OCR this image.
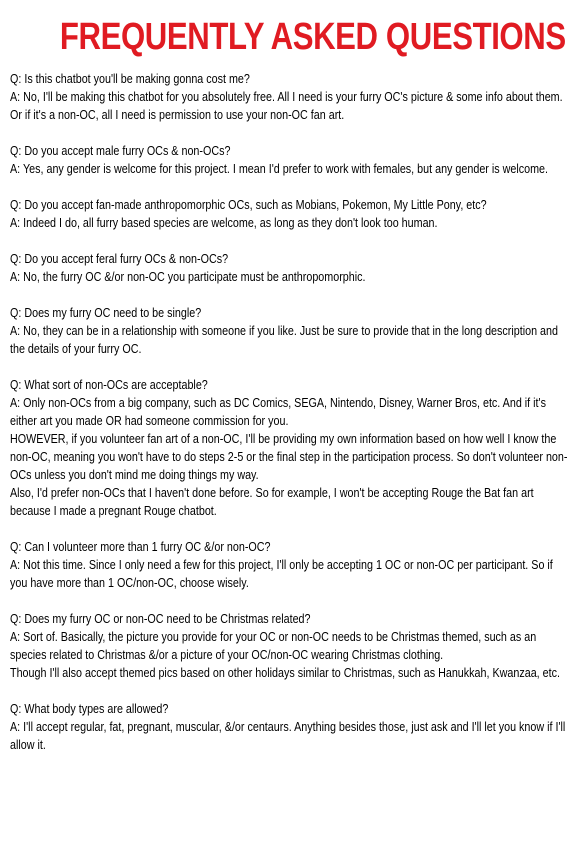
FREQUENTLY ASKED QUESTIONS
Q: Is this chatbot you'll be making gonna cost me?
A: No, I'll be making this chatbot for you absolutely free. All I need is your furry OC's picture & some info about them. Or if it's a non-OC, all I need is permission to use your non-OC fan art.
Q: Do you accept male furry OCs & non-OCs?
A: Yes, any gender is welcome for this project. I mean I'd prefer to work with females, but any gender is welcome.
Q: Do you accept fan-made anthropomorphic OCs, such as Mobians, Pokemon, My Little Pony, etc?
A: Indeed I do, all furry based species are welcome, as long as they don't look too human.
Q: Do you accept feral furry OCs & non-OCs?
A: No, the furry OC &/or non-OC you participate must be anthropomorphic.
Q: Does my furry OC need to be single?
A: No, they can be in a relationship with someone if you like. Just be sure to provide that in the long description and the details of your furry OC.
Q: What sort of non-OCs are acceptable?
A: Only non-OCs from a big company, such as DC Comics, SEGA, Nintendo, Disney, Warner Bros, etc. And if it's either art you made OR had someone commission for you.
HOWEVER, if you volunteer fan art of a non-OC, I'll be providing my own information based on how well I know the non-OC, meaning you won't have to do steps 2-5 or the final step in the participation process. So don't volunteer non-OCs unless you don't mind me doing things my way.
Also, I'd prefer non-OCs that I haven't done before. So for example, I won't be accepting Rouge the Bat fan art because I made a pregnant Rouge chatbot.
Q: Can I volunteer more than 1 furry OC &/or non-OC?
A: Not this time. Since I only need a few for this project, I'll only be accepting 1 OC or non-OC per participant. So if you have more than 1 OC/non-OC, choose wisely.
Q: Does my furry OC or non-OC need to be Christmas related?
A: Sort of. Basically, the picture you provide for your OC or non-OC needs to be Christmas themed, such as an species related to Christmas &/or a picture of your OC/non-OC wearing Christmas clothing.
Though I'll also accept themed pics based on other holidays similar to Christmas, such as Hanukkah, Kwanzaa, etc.
Q: What body types are allowed?
A: I'll accept regular, fat, pregnant, muscular, &/or centaurs. Anything besides those, just ask and I'll let you know if I'll allow it.
